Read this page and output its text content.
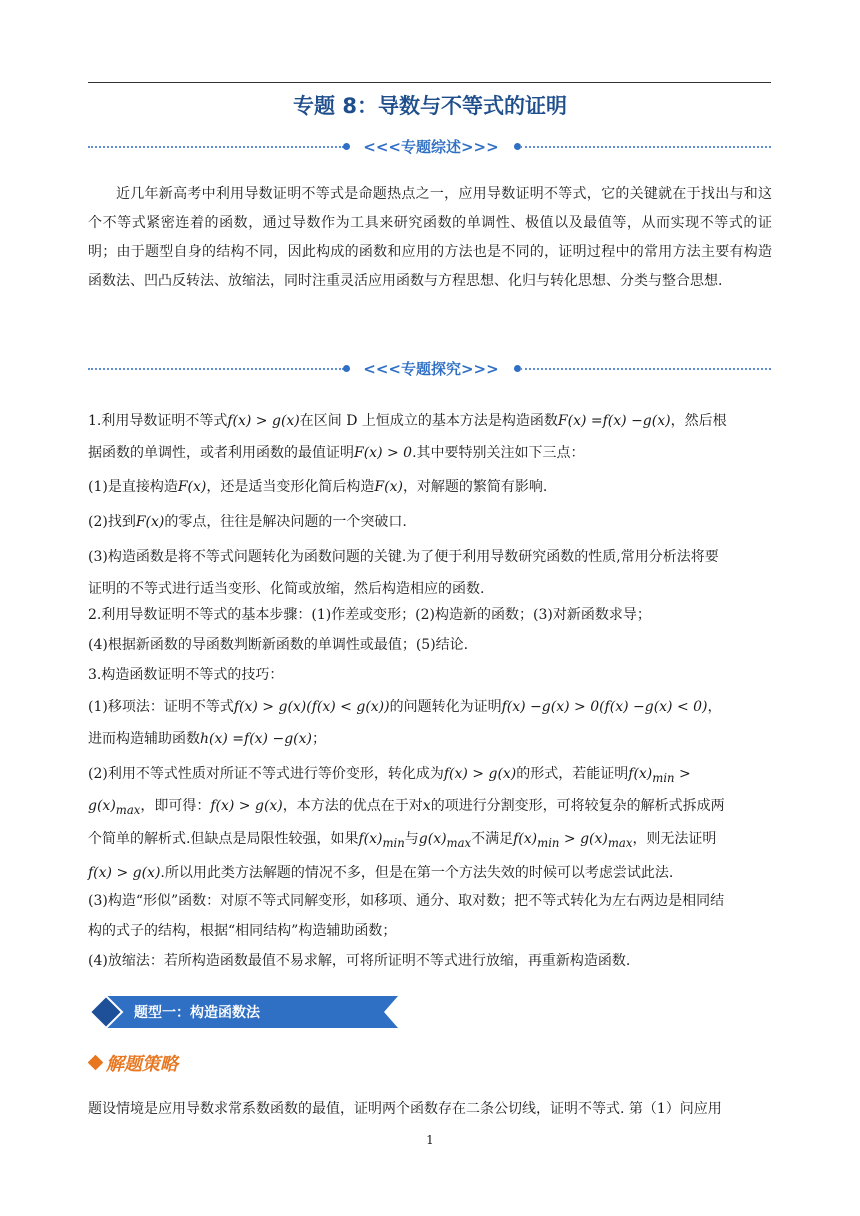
专题 8：导数与不等式的证明
<<<专题综述>>>

近几年新高考中利用导数证明不等式是命题热点之一，应用导数证明不等式，它的关键就在于找出与和这个不等式紧密连着的函数，通过导数作为工具来研究函数的单调性、极值以及最值等，从而实现不等式的证明；由于题型自身的结构不同，因此构成的函数和应用的方法也是不同的，证明过程中的常用方法主要有构造函数法、凹凸反转法、放缩法，同时注重灵活应用函数与方程思想、化归与转化思想、分类与整合思想.

<<<专题探究>>>
1.利用导数证明不等式f(x) > g(x)在区间 D 上恒成立的基本方法是构造函数F(x) =f(x) −g(x)，然后根
据函数的单调性，或者利用函数的最值证明F(x) > 0.其中要特别关注如下三点：
(1)是直接构造F(x)，还是适当变形化简后构造F(x)，对解题的繁简有影响.
(2)找到F(x)的零点，往往是解决问题的一个突破口.
(3)构造函数是将不等式问题转化为函数问题的关键.为了便于利用导数研究函数的性质,常用分析法将要
证明的不等式进行适当变形、化简或放缩，然后构造相应的函数.
2.利用导数证明不等式的基本步骤：(1)作差或变形；(2)构造新的函数；(3)对新函数求导；
(4)根据新函数的导函数判断新函数的单调性或最值；(5)结论.
3.构造函数证明不等式的技巧：
(1)移项法：证明不等式f(x) > g(x)(f(x) < g(x))的问题转化为证明f(x) −g(x) > 0(f(x) −g(x) < 0)，
进而构造辅助函数h(x) =f(x) −g(x)；
(2)利用不等式性质对所证不等式进行等价变形，转化成为f(x) > g(x)的形式，若能证明$f(x)_{min}$ >
$g(x)_{max}$，即可得：f(x) > g(x)，本方法的优点在于对x的项进行分割变形，可将较复杂的解析式拆成两
个简单的解析式.但缺点是局限性较强，如果$f(x)_{min}$与$g(x)_{max}$不满足$f(x)_{min} > g(x)_{max}$，则无法证明
f(x) > g(x).所以用此类方法解题的情况不多，但是在第一个方法失效的时候可以考虑尝试此法.
(3)构造“形似”函数：对原不等式同解变形，如移项、通分、取对数；把不等式转化为左右两边是相同结
构的式子的结构，根据“相同结构”构造辅助函数；
(4)放缩法：若所构造函数最值不易求解，可将所证明不等式进行放缩，再重新构造函数.
题型一：构造函数法
解题策略
题设情境是应用导数求常系数函数的最值，证明两个函数存在二条公切线，证明不等式. 第（1）问应用
1
